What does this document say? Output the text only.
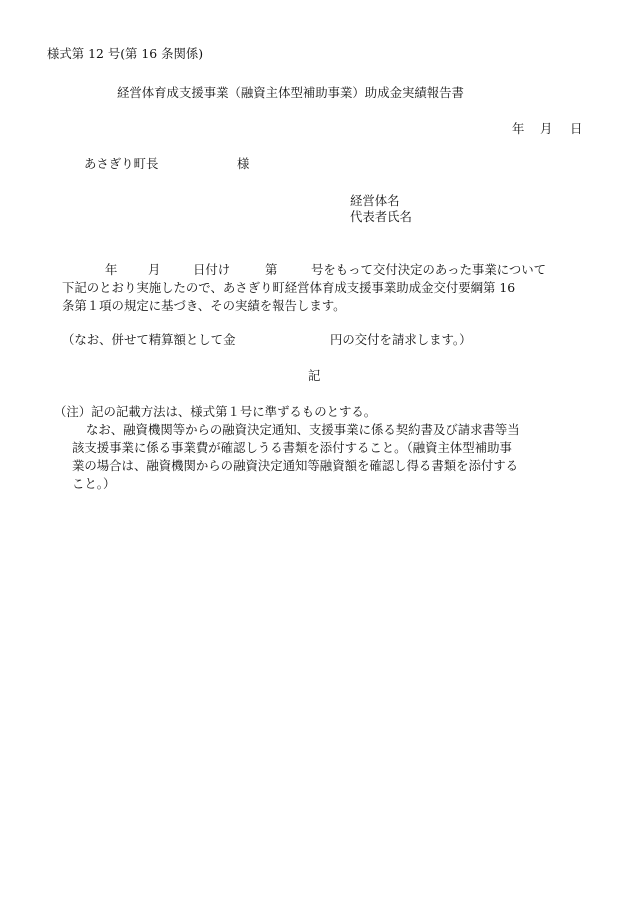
様式第 12 号(第 16 条関係)
経営体育成支援事業（融資主体型補助事業）助成金実績報告書
年 月 日
あさぎり町長	様
経営体名
代表者氏名
年 月	日付け	第	号をもって交付決定のあった事業について
下記のとおり実施したので、あさぎり町経営体育成支援事業助成金交付要綱第 16
条第１項の規定に基づき、その実績を報告します。
（なお、併せて精算額として金	円の交付を請求します。）
記
（注）記の記載方法は、様式第１号に準ずるものとする。
なお、融資機関等からの融資決定通知、支援事業に係る契約書及び請求書等当
該支援事業に係る事業費が確認しうる書類を添付すること。（融資主体型補助事
業の場合は、融資機関からの融資決定通知等融資額を確認し得る書類を添付する
こと。）
